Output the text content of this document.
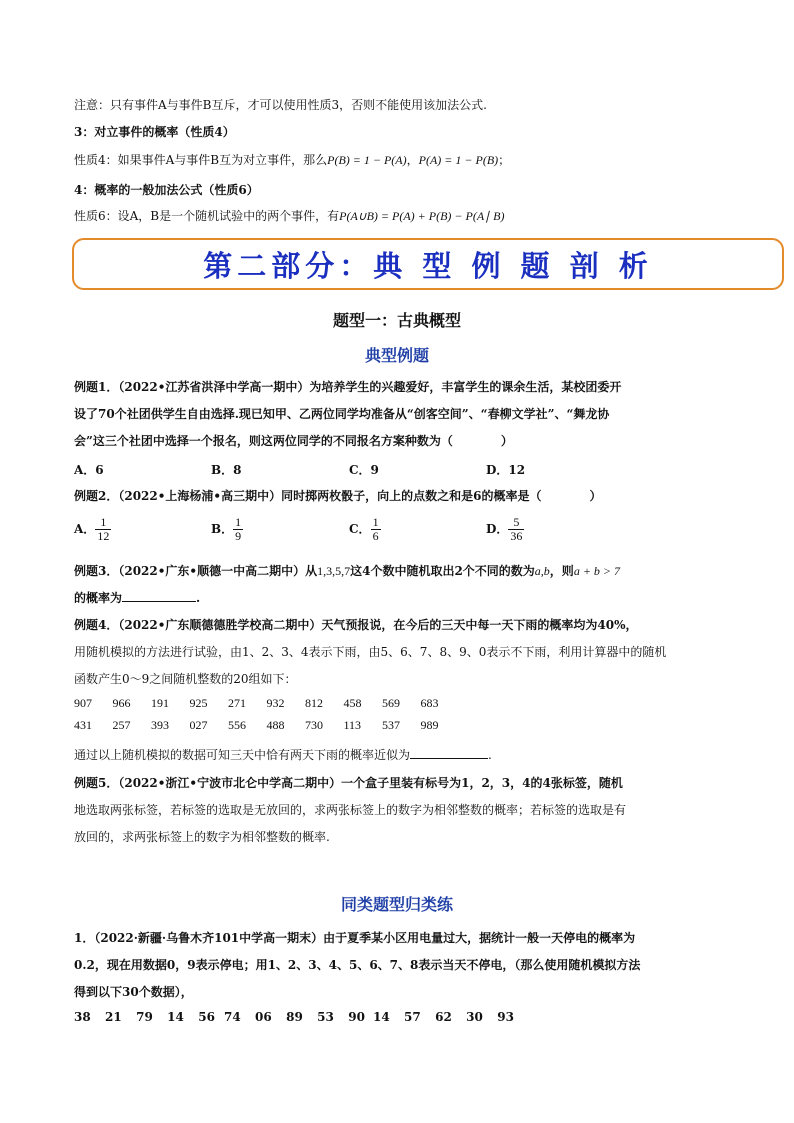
注意：只有事件A与事件B互斥，才可以使用性质3，否则不能使用该加法公式.
3：对立事件的概率（性质4）
性质4：如果事件A与事件B互为对立事件，那么P(B) = 1 − P(A)，P(A) = 1 − P(B)；
4：概率的一般加法公式（性质6）
性质6：设A，B是一个随机试验中的两个事件，有P(A∪B) = P(A) + P(B) − P(A∣ B)
第二部分：典 型 例 题 剖 析
题型一：古典概型
典型例题
例题1．（2022•江苏省洪泽中学高一期中）为培养学生的兴趣爱好，丰富学生的课余生活，某校团委开
设了70个社团供学生自由选择.现已知甲、乙两位同学均准备从“创客空间”、“春柳文学社”、“舞龙协
会”这三个社团中选择一个报名，则这两位同学的不同报名方案种数为（　　　　）
A．6	B．8	C．9	D．12
例题2．（2022•上海杨浦•高三期中）同时掷两枚骰子，向上的点数之和是6的概率是（　　　　）
A． $\frac{1}{12}$	B． $\frac{1}{9}$	C． $\frac{1}{6}$	D． $\frac{5}{36}$
例题3．（2022•广东•顺德一中高二期中）从1,3,5,7这4个数中随机取出2个不同的数为a,b，则a + b > 7
的概率为	.
例题4．（2022•广东顺德德胜学校高二期中）天气预报说，在今后的三天中每一天下雨的概率均为40%，
用随机模拟的方法进行试验，由1、2、3、4表示下雨，由5、6、7、8、9、0表示不下雨，利用计算器中的随机
函数产生0～9之间随机整数的20组如下：
907 966 191 925 271 932 812 458 569 683
431 257 393 027 556 488 730 113 537 989
通过以上随机模拟的数据可知三天中恰有两天下雨的概率近似为	.
例题5．（2022•浙江•宁波市北仑中学高二期中）一个盒子里装有标号为1，2，3，4的4张标签，随机
地选取两张标签，若标签的选取是无放回的，求两张标签上的数字为相邻整数的概率；若标签的选取是有
放回的，求两张标签上的数字为相邻整数的概率.
同类题型归类练
1．（2022·新疆·乌鲁木齐101中学高一期末）由于夏季某小区用电量过大，据统计一般一天停电的概率为
0.2，现在用数据0，9表示停电；用1、2、3、4、5、6、7、8表示当天不停电，（那么使用随机模拟方法
得到以下30个数据），
38  21  79  14  56 74  06  89  53  90 14  57  62  30  93
